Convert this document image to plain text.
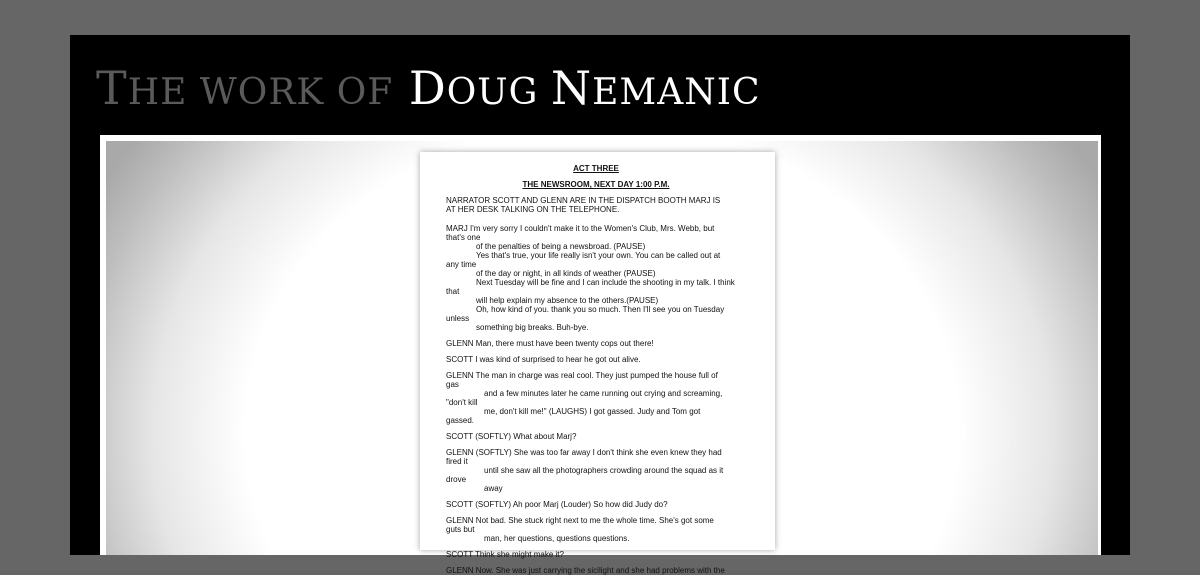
THE WORK OF DOUG NEMANIC

ACT THREE

THE NEWSROOM, NEXT DAY 1:00 P.M.

NARRATOR SCOTT AND GLENN ARE IN THE DISPATCH BOOTH MARJ IS

AT HER DESK TALKING ON THE TELEPHONE.

MARJ I'm very sorry I couldn't make it to the Women's Club, Mrs. Webb, but

that's one

of the penalties of being a newsbroad. (PAUSE)

Yes that's true, your life really isn't your own. You can be called out at

any time

of the day or night, in all kinds of weather (PAUSE)

Next Tuesday will be fine and I can include the shooting in my talk. I think

that

will help explain my absence to the others.(PAUSE)

Oh, how kind of you. thank you so much. Then I'll see you on Tuesday

unless

something big breaks. Buh-bye.

GLENN Man, there must have been twenty cops out there!

SCOTT I was kind of surprised to hear he got out alive.

GLENN The man in charge was real cool. They just pumped the house full of

gas

and a few minutes later he came running out crying and screaming,

"don't kill

me, don't kill me!" (LAUGHS) I got gassed. Judy and Tom got

gassed.

SCOTT (SOFTLY) What about Marj?

GLENN (SOFTLY) She was too far away I don't think she even knew they had

fired it

until she saw all the photographers crowding around the squad as it

drove

away

SCOTT (SOFTLY) Ah poor Marj (Louder) So how did Judy do?

GLENN Not bad. She stuck right next to me the whole time. She's got some

guts but

man, her questions, questions questions.

SCOTT Think she might make it?

GLENN Now. She was just carrying the sicilight and she had problems with the
